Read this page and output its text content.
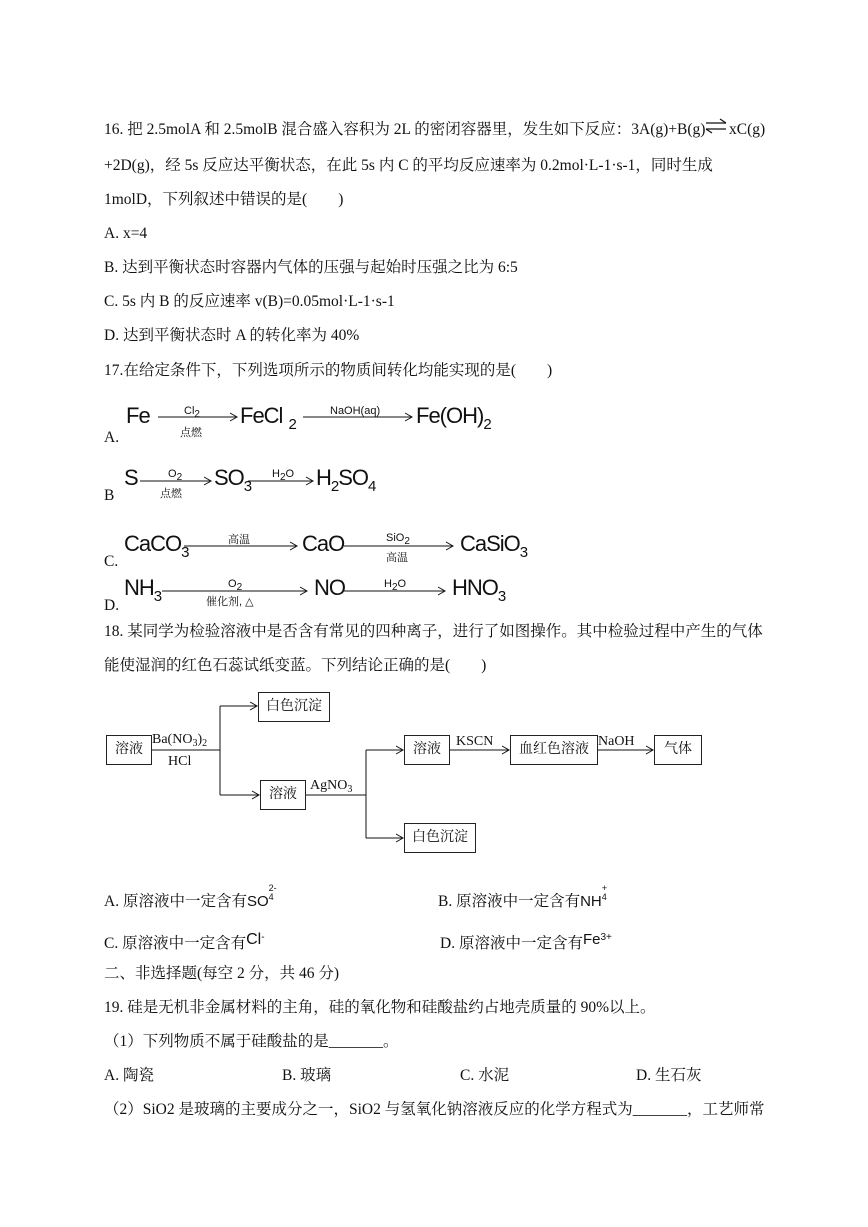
16. 把 2.5molA 和 2.5molB 混合盛入容积为 2L 的密闭容器里，发生如下反应：3A(g)+B(g) ⇌ xC(g)
+2D(g)，经 5s 反应达平衡状态，在此 5s 内 C 的平均反应速率为 0.2mol·L-1·s-1，同时生成
1molD，下列叙述中错误的是(　　)
A. x=4
B. 达到平衡状态时容器内气体的压强与起始时压强之比为 6:5
C. 5s 内 B 的反应速率 v(B)=0.05mol·L-1·s-1
D. 达到平衡状态时 A 的转化率为 40%
17.在给定条件下，下列选项所示的物质间转化均能实现的是(　　)
A.
Fe	Cl2
点燃
FeCl $_2$
NaOH(aq) $Fe(OH)_2$
B
S	O2
点燃
$SO_3$
H2O $H_2SO_4$
C.
CaCO$_3$
高温 CaO	SiO2
高温
CaSiO$_3$
D.
$NH_3$
O2
催化剂, △
NO	H2O $HNO_3$
18. 某同学为检验溶液中是否含有常见的四种离子，进行了如图操作。其中检验过程中产生的气体
能使湿润的红色石蕊试纸变蓝。下列结论正确的是(　　)
溶液
$Ba(NO_3)_2$
HCl
白色沉淀
溶液
AgNO$_3$
溶液
KSCN
血红色溶液
NaOH
气体
白色沉淀
A. 原溶液中一定含有SO
2-
4	B. 原溶液中一定含有NH
+
4
C. 原溶液中一定含有Cl-	D. 原溶液中一定含有$Fe^{3+}$
二、非选择题(每空 2 分，共 46 分)
19. 硅是无机非金属材料的主角，硅的氧化物和硅酸盐约占地壳质量的 90%以上。
（1）下列物质不属于硅酸盐的是_______。
A. 陶瓷	B. 玻璃	C. 水泥	D. 生石灰
（2）SiO2 是玻璃的主要成分之一，SiO2 与氢氧化钠溶液反应的化学方程式为_______，工艺师常
